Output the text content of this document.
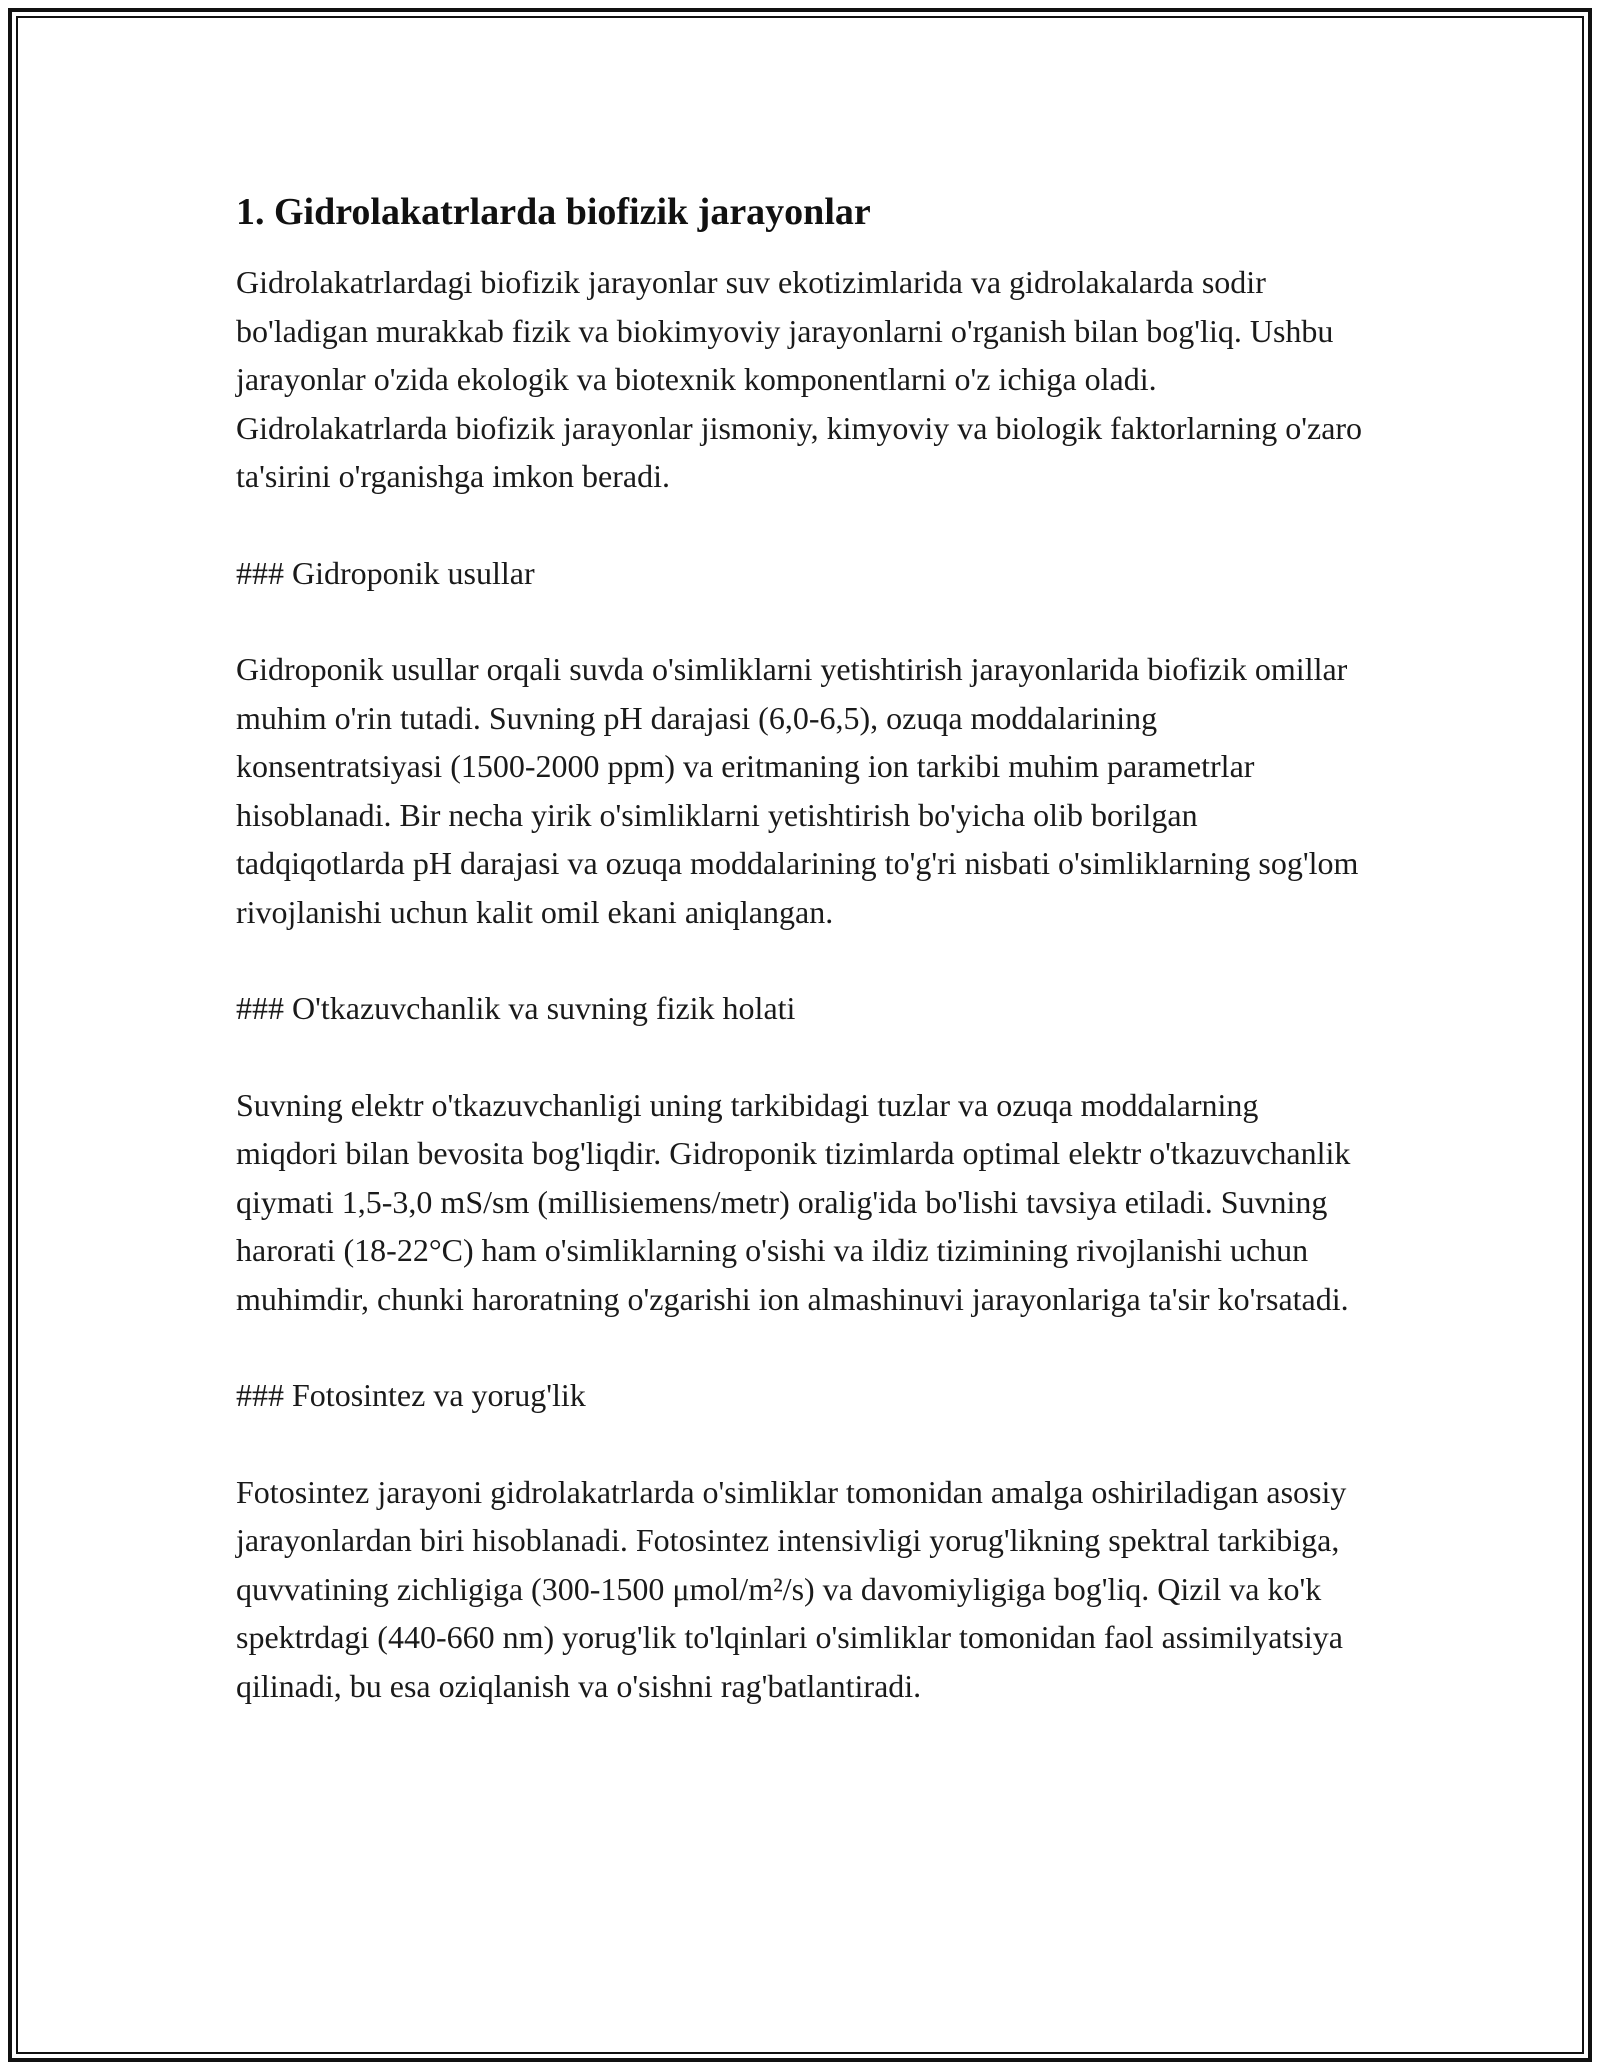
1. Gidrolakatrlarda biofizik jarayonlar

Gidrolakatrlardagi biofizik jarayonlar suv ekotizimlarida va gidrolakalarda sodir bo'ladigan murakkab fizik va biokimyoviy jarayonlarni o'rganish bilan bog'liq. Ushbu jarayonlar o'zida ekologik va biotexnik komponentlarni o'z ichiga oladi. Gidrolakatrlarda biofizik jarayonlar jismoniy, kimyoviy va biologik faktorlarning o'zaro ta'sirini o'rganishga imkon beradi.

### Gidroponik usullar

Gidroponik usullar orqali suvda o'simliklarni yetishtirish jarayonlarida biofizik omillar muhim o'rin tutadi. Suvning pH darajasi (6,0-6,5), ozuqa moddalarining konsentratsiyasi (1500-2000 ppm) va eritmaning ion tarkibi muhim parametrlar hisoblanadi. Bir necha yirik o'simliklarni yetishtirish bo'yicha olib borilgan tadqiqotlarda pH darajasi va ozuqa moddalarining to'g'ri nisbati o'simliklarning sog'lom rivojlanishi uchun kalit omil ekani aniqlangan.

### O'tkazuvchanlik va suvning fizik holati

Suvning elektr o'tkazuvchanligi uning tarkibidagi tuzlar va ozuqa moddalarning miqdori bilan bevosita bog'liqdir. Gidroponik tizimlarda optimal elektr o'tkazuvchanlik qiymati 1,5-3,0 mS/sm (millisiemens/metr) oralig'ida bo'lishi tavsiya etiladi. Suvning harorati (18-22°C) ham o'simliklarning o'sishi va ildiz tizimining rivojlanishi uchun muhimdir, chunki haroratning o'zgarishi ion almashinuvi jarayonlariga ta'sir ko'rsatadi.

### Fotosintez va yorug'lik

Fotosintez jarayoni gidrolakatrlarda o'simliklar tomonidan amalga oshiriladigan asosiy jarayonlardan biri hisoblanadi. Fotosintez intensivligi yorug'likning spektral tarkibiga, quvvatining zichligiga (300-1500 μmol/m²/s) va davomiyligiga bog'liq. Qizil va ko'k spektrdagi (440-660 nm) yorug'lik to'lqinlari o'simliklar tomonidan faol assimilyatsiya qilinadi, bu esa oziqlanish va o'sishni rag'batlantiradi.
